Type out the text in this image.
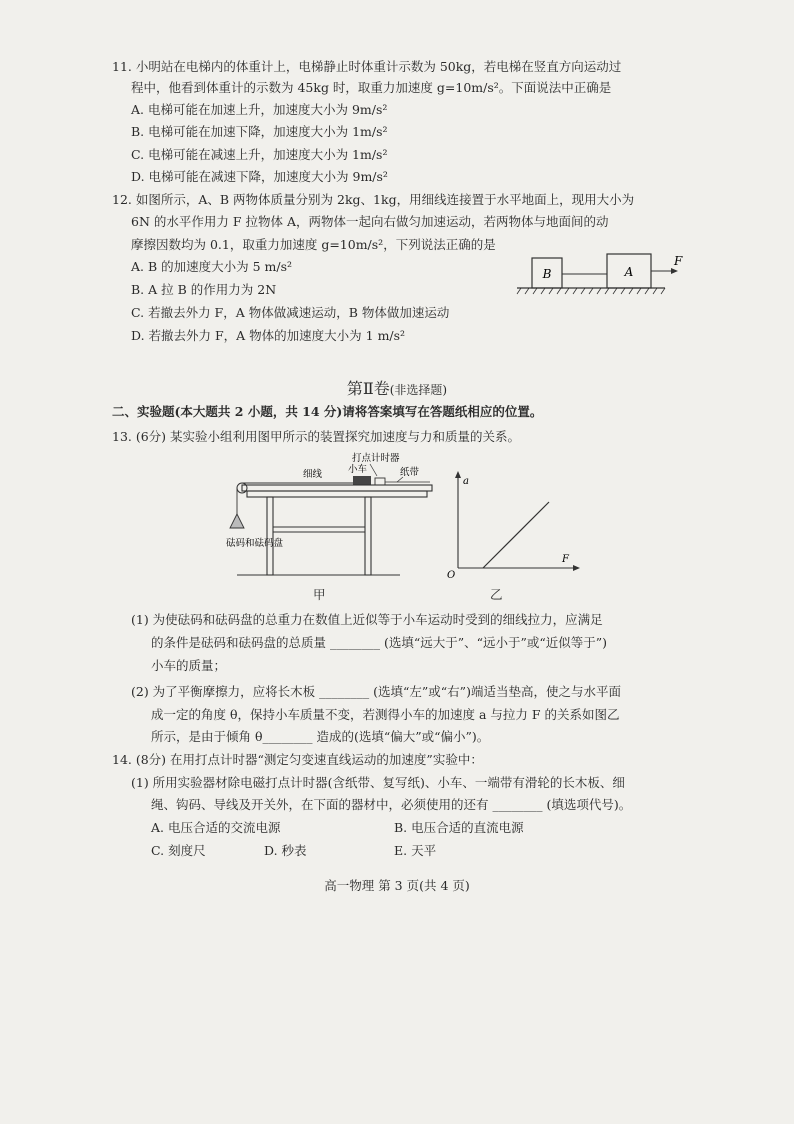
11. 小明站在电梯内的体重计上，电梯静止时体重计示数为 50kg，若电梯在竖直方向运动过
程中，他看到体重计的示数为 45kg 时，取重力加速度 g=10m/s²。下面说法中正确是
A. 电梯可能在加速上升，加速度大小为 9m/s²
B. 电梯可能在加速下降，加速度大小为 1m/s²
C. 电梯可能在减速上升，加速度大小为 1m/s²
D. 电梯可能在减速下降，加速度大小为 9m/s²
12. 如图所示，A、B 两物体质量分别为 2kg、1kg，用细线连接置于水平地面上，现用大小为
6N 的水平作用力 F 拉物体 A，两物体一起向右做匀加速运动，若两物体与地面间的动
摩擦因数均为 0.1，取重力加速度 g=10m/s²，下列说法正确的是
A. B 的加速度大小为 5 m/s²
B. A 拉 B 的作用力为 2N
C. 若撤去外力 F，A 物体做减速运动，B 物体做加速运动
D. 若撤去外力 F，A 物体的加速度大小为 1 m/s²
B	A
F
第Ⅱ卷(非选择题)
二、实验题(本大题共 2 小题，共 14 分)请将答案填写在答题纸相应的位置。
13. (6分) 某实验小组利用图甲所示的装置探究加速度与力和质量的关系。
打点计时器
细线	小车	纸带
砝码和砝码盘
甲
a
F
O
乙
(1) 为使砝码和砝码盘的总重力在数值上近似等于小车运动时受到的细线拉力，应满足
的条件是砝码和砝码盘的总质量 ________ (选填“远大于”、“远小于”或“近似等于”)
小车的质量；
(2) 为了平衡摩擦力，应将长木板 ________ (选填“左”或“右”)端适当垫高，使之与水平面
成一定的角度 θ，保持小车质量不变，若测得小车的加速度 a 与拉力 F 的关系如图乙
所示，是由于倾角 θ________ 造成的(选填“偏大”或“偏小”)。
14. (8分) 在用打点计时器“测定匀变速直线运动的加速度”实验中：
(1) 所用实验器材除电磁打点计时器(含纸带、复写纸)、小车、一端带有滑轮的长木板、细
绳、钩码、导线及开关外，在下面的器材中，必须使用的还有 ________ (填选项代号)。
A. 电压合适的交流电源	B. 电压合适的直流电源
C. 刻度尺	D. 秒表	E. 天平
高一物理 第 3 页(共 4 页)
